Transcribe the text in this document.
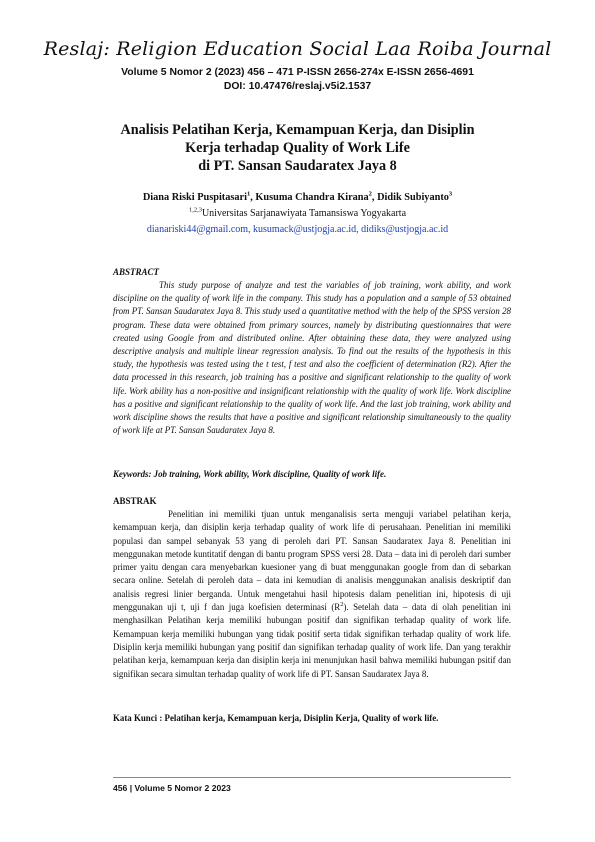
Reslaj: Religion Education Social Laa Roiba Journal
Volume 5 Nomor 2 (2023) 456 – 471 P-ISSN 2656-274x E-ISSN 2656-4691
DOI: 10.47476/reslaj.v5i2.1537
Analisis Pelatihan Kerja, Kemampuan Kerja, dan Disiplin
Kerja terhadap Quality of Work Life
di PT. Sansan Saudaratex Jaya 8
Diana Riski Puspitasari$^1$, Kusuma Chandra Kirana$^2$, Didik Subiyanto$^3$
$^{1,2,3}$Universitas Sarjanawiyata Tamansiswa Yogyakarta
dianariski44@gmail.com, kusumack@ustjogja.ac.id, didiks@ustjogja.ac.id
ABSTRACT
This study purpose of analyze and test the variables of job training, work ability, and work discipline on the quality of work life in the company. This study has a population and a sample of 53 obtained from PT. Sansan Saudaratex Jaya 8. This study used a quantitative method with the help of the SPSS version 28 program. These data were obtained from primary sources, namely by distributing questionnaires that were created using Google from and distributed online. After obtaining these data, they were analyzed using descriptive analysis and multiple linear regression analysis. To find out the results of the hypothesis in this study, the hypothesis was tested using the t test, f test and also the coefficient of determination (R2). After the data processed in this research, job training has a positive and significant relationship to the quality of work life. Work ability has a non-positive and insignificant relationship with the quality of work life. Work discipline has a positive and significant relationship to the quality of work life. And the last job training, work ability and work discipline shows the results that have a positive and significant relationship simultaneously to the quality of work life at PT. Sansan Saudaratex Jaya 8.
Keywords: Job training, Work ability, Work discipline, Quality of work life.
ABSTRAK
Penelitian ini memiliki tjuan untuk menganalisis serta menguji variabel pelatihan kerja, kemampuan kerja, dan disiplin kerja terhadap quality of work life di perusahaan. Penelitian ini memiliki populasi dan sampel sebanyak 53 yang di peroleh dari PT. Sansan Saudaratex Jaya 8. Penelitian ini menggunakan metode kuntitatif dengan di bantu program SPSS versi 28. Data – data ini di peroleh dari sumber primer yaitu dengan cara menyebarkan kuesioner yang di buat menggunakan google from dan di sebarkan secara online. Setelah di peroleh data – data ini kemudian di analisis menggunakan analisis deskriptif dan analisis regresi linier berganda. Untuk mengetahui hasil hipotesis dalam penelitian ini, hipotesis di uji menggunakan uji t, uji f dan juga koefisien determinasi $(R^2)$. Setelah data – data di olah penelitian ini menghasilkan Pelatihan kerja memiliki hubungan positif dan signifikan terhadap quality of work life. Kemampuan kerja memiliki hubungan yang tidak positif serta tidak signifikan terhadap quality of work life. Disiplin kerja memiliki hubungan yang positif dan signifikan terhadap quality of work life. Dan yang terakhir pelatihan kerja, kemampuan kerja dan disiplin kerja ini menunjukan hasil bahwa memiliki hubungan psitif dan signifikan secara simultan terhadap quality of work life di PT. Sansan Saudaratex Jaya 8.
Kata Kunci : Pelatihan kerja, Kemampuan kerja, Disiplin Kerja, Quality of work life.
456 | Volume 5 Nomor 2 2023
